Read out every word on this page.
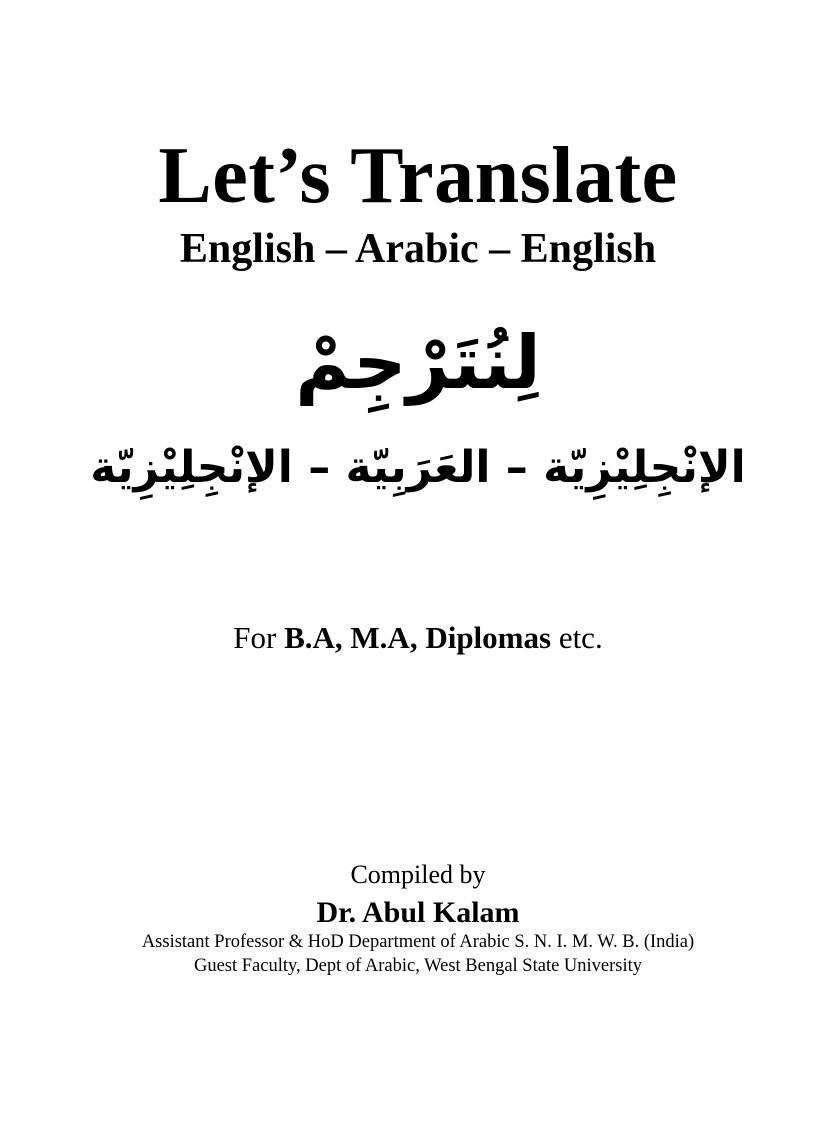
Let’s Translate
English – Arabic – English
لِنُتَرْجِمْ
الإنْجِلِيْزِيّة – العَرَبِيّة – الإنْجِلِيْزِيّة
For B.A, M.A, Diplomas etc.
Compiled by
Dr. Abul Kalam
Assistant Professor & HoD Department of Arabic S. N. I. M. W. B. (India)
Guest Faculty, Dept of Arabic, West Bengal State University
